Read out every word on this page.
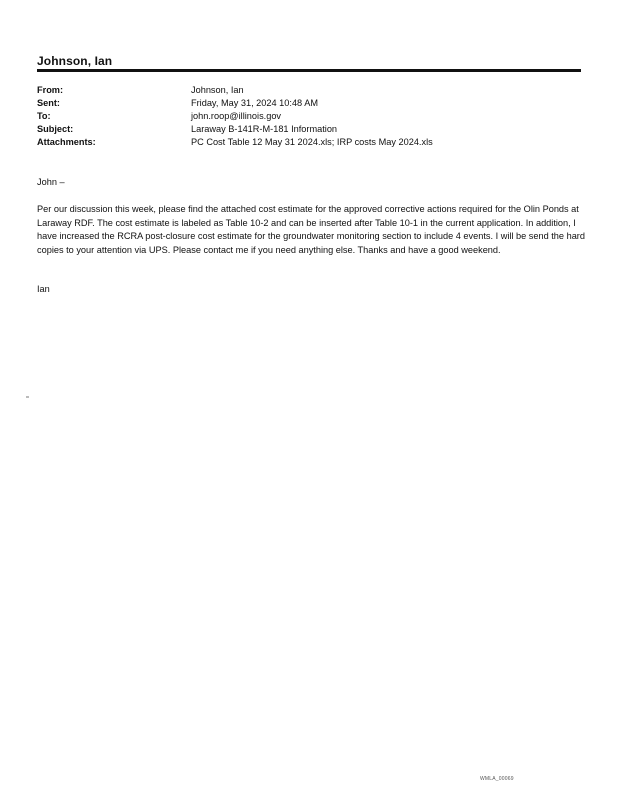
Johnson, Ian
From:	Johnson, Ian
Sent:	Friday, May 31, 2024 10:48 AM
To:	john.roop@illinois.gov
Subject:	Laraway B-141R-M-181 Information
Attachments:	PC Cost Table 12 May 31 2024.xls; IRP costs May 2024.xls
John –
Per our discussion this week, please find the attached cost estimate for the approved corrective actions required for the Olin Ponds at Laraway RDF. The cost estimate is labeled as Table 10-2 and can be inserted after Table 10-1 in the current application. In addition, I have increased the RCRA post-closure cost estimate for the groundwater monitoring section to include 4 events. I will be send the hard copies to your attention via UPS. Please contact me if you need anything else. Thanks and have a good weekend.
Ian
WMLA_00069
